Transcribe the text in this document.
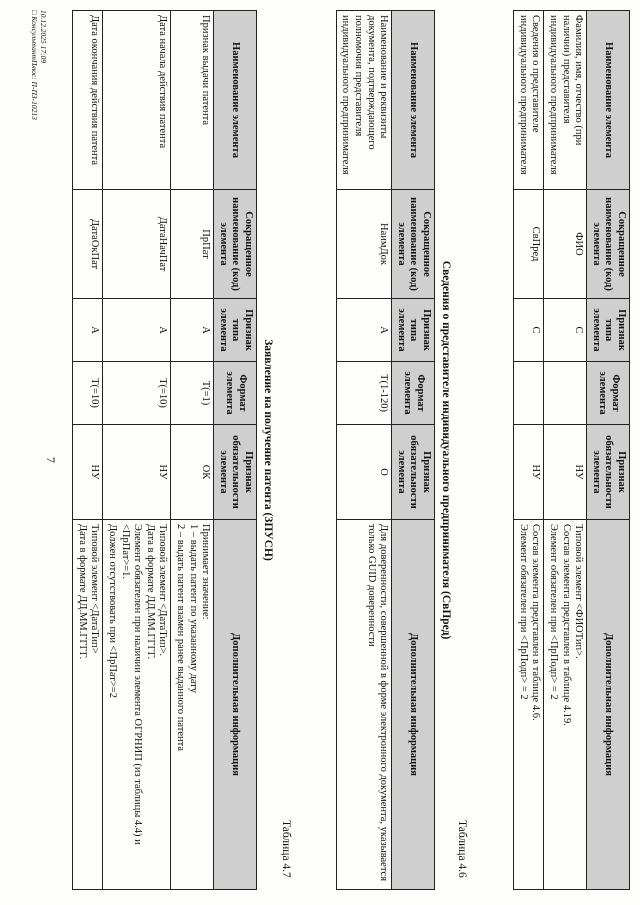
Наименование элемента	Сокращенное наименование (код) элемента	Признак типа элемента	Формат элемента	Признак обязательности элемента	Дополнительная информация
Фамилия, имя, отчество (при наличии) представителя индивидуального предпринимателя	ФИО	С		НУ	Типовой элемент <ФИОТип>.
Состав элемента представлен в таблице 4.19.
Элемент обязателен при <ПрПодп> = 2

Сведения о представителе индивидуального предпринимателя	СвПред	С		НУ	Состав элемента представлен в таблице 4.6.
Элемент обязателен при <ПрПодп> = 2
Таблица 4.6
Сведения о представителе индивидуального предпринимателя (СвПред)
Наименование элемента	Сокращенное наименование (код) элемента	Признак типа элемента	Формат элемента	Признак обязательности элемента	Дополнительная информация
Наименование и реквизиты документа, подтверждающего полномочия представителя индивидуального предпринимателя	НаимДок	А	T(1-120)	О	Для доверенности, совершенной в форме электронного документа, указывается только GUID доверенности
Таблица 4.7
Заявление на получение патента (ЗПУСН)
Наименование элемента	Сокращенное наименование (код) элемента	Признак типа элемента	Формат элемента	Признак обязательности элемента	Дополнительная информация
Признак выдачи патента	ПрПат	А	T(=1)	ОК	Принимает значение:
1 – выдать патент по указанному дату
2 – выдать патент взамен ранее выданного патента

Дата начала действия патента	ДатаНачПат	А	T(=10)	НУ	Типовой элемент <ДатаТип>.
Дата в формате ДД.ММ.ГГГГ.
Элемент обязателен при наличии элемента ОГРНИП (из таблицы 4.4) и <ПрПат>=1.
Должен отсутствовать при <ПрПат>=2

Дата окончания действия патента	ДатаОкПат	А	T(=10)	НУ	Типовой элемент <ДатаТип>
Дата в формате ДД.ММ.ГГГГ.
10.12.2025 17:09
□ КонсультантПлюс: П-ПЗ-10213
7
